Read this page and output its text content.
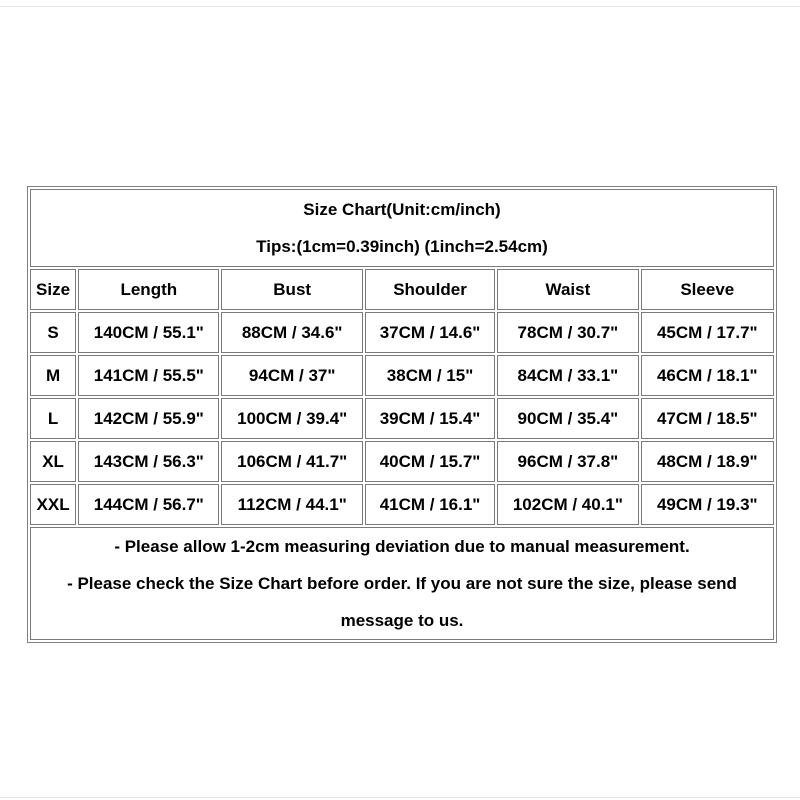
Size Chart(Unit:cm/inch)
Tips:(1cm=0.39inch) (1inch=2.54cm)					

Size	Length	Bust	Shoulder	Waist	Sleeve
S	140CM / 55.1"	88CM / 34.6"	37CM / 14.6"	78CM / 30.7"	45CM / 17.7"
M	141CM / 55.5"	94CM / 37"	38CM / 15"	84CM / 33.1"	46CM / 18.1"
L	142CM / 55.9"	100CM / 39.4"	39CM / 15.4"	90CM / 35.4"	47CM / 18.5"
XL	143CM / 56.3"	106CM / 41.7"	40CM / 15.7"	96CM / 37.8"	48CM / 18.9"
XXL	144CM / 56.7"	112CM / 44.1"	41CM / 16.1"	102CM / 40.1"	49CM / 19.3"

- Please allow 1-2cm measuring deviation due to manual measurement.
- Please check the Size Chart before order. If you are not sure the size, please send message to us.					
